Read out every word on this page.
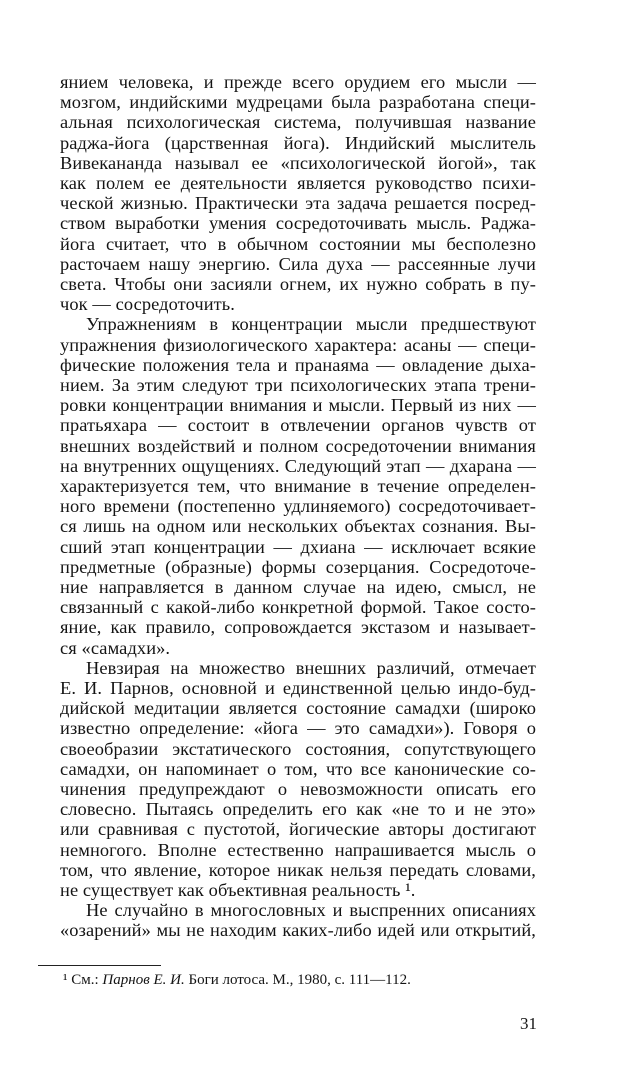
янием человека, и прежде всего орудием его мысли —
мозгом, индийскими мудрецами была разработана специ-
альная психологическая система, получившая название
раджа-йога (царственная йога). Индийский мыслитель
Вивекананда называл ее «психологической йогой», так
как полем ее деятельности является руководство психи-
ческой жизнью. Практически эта задача решается посред-
ством выработки умения сосредоточивать мысль. Раджа-
йога считает, что в обычном состоянии мы бесполезно
расточаем нашу энергию. Сила духа — рассеянные лучи
света. Чтобы они засияли огнем, их нужно собрать в пу-
чок — сосредоточить.
Упражнениям в концентрации мысли предшествуют
упражнения физиологического характера: асаны — специ-
фические положения тела и пранаяма — овладение дыха-
нием. За этим следуют три психологических этапа трени-
ровки концентрации внимания и мысли. Первый из них —
пратьяхара — состоит в отвлечении органов чувств от
внешних воздействий и полном сосредоточении внимания
на внутренних ощущениях. Следующий этап — дхарана —
характеризуется тем, что внимание в течение определен-
ного времени (постепенно удлиняемого) сосредоточивает-
ся лишь на одном или нескольких объектах сознания. Вы-
сший этап концентрации — дхиана — исключает всякие
предметные (образные) формы созерцания. Сосредоточе-
ние направляется в данном случае на идею, смысл, не
связанный с какой-либо конкретной формой. Такое состо-
яние, как правило, сопровождается экстазом и называет-
ся «самадхи».
Невзирая на множество внешних различий, отмечает
Е. И. Парнов, основной и единственной целью индо-буд-
дийской медитации является состояние самадхи (широко
известно определение: «йога — это самадхи»). Говоря о
своеобразии экстатического состояния, сопутствующего
самадхи, он напоминает о том, что все канонические со-
чинения предупреждают о невозможности описать его
словесно. Пытаясь определить его как «не то и не это»
или сравнивая с пустотой, йогические авторы достигают
немногого. Вполне естественно напрашивается мысль о
том, что явление, которое никак нельзя передать словами,
не существует как объективная реальность ¹.
Не случайно в многословных и выспренних описаниях
«озарений» мы не находим каких-либо идей или открытий,
¹ См.: Парнов Е. И. Боги лотоса. М., 1980, с. 111—112.
31
